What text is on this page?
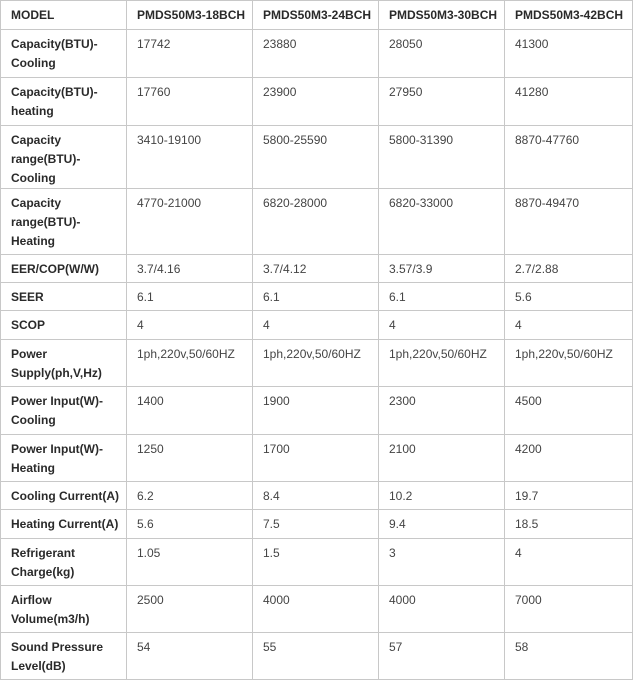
MODEL	PMDS50M3-18BCH	PMDS50M3-24BCH	PMDS50M3-30BCH	PMDS50M3-42BCH
Capacity(BTU)-Cooling	17742	23880	28050	41300
Capacity(BTU)-heating	17760	23900	27950	41280
Capacity range(BTU)-Cooling	3410-19100	5800-25590	5800-31390	8870-47760
Capacity range(BTU)-Heating	4770-21000	6820-28000	6820-33000	8870-49470
EER/COP(W/W)	3.7/4.16	3.7/4.12	3.57/3.9	2.7/2.88
SEER	6.1	6.1	6.1	5.6
SCOP	4	4	4	4
Power Supply(ph,V,Hz)	1ph,220v,50/60HZ	1ph,220v,50/60HZ	1ph,220v,50/60HZ	1ph,220v,50/60HZ
Power Input(W)-Cooling	1400	1900	2300	4500
Power Input(W)-Heating	1250	1700	2100	4200
Cooling Current(A)	6.2	8.4	10.2	19.7
Heating Current(A)	5.6	7.5	9.4	18.5
Refrigerant Charge(kg)	1.05	1.5	3	4
Airflow Volume(m3/h)	2500	4000	4000	7000
Sound Pressure Level(dB)	54	55	57	58
